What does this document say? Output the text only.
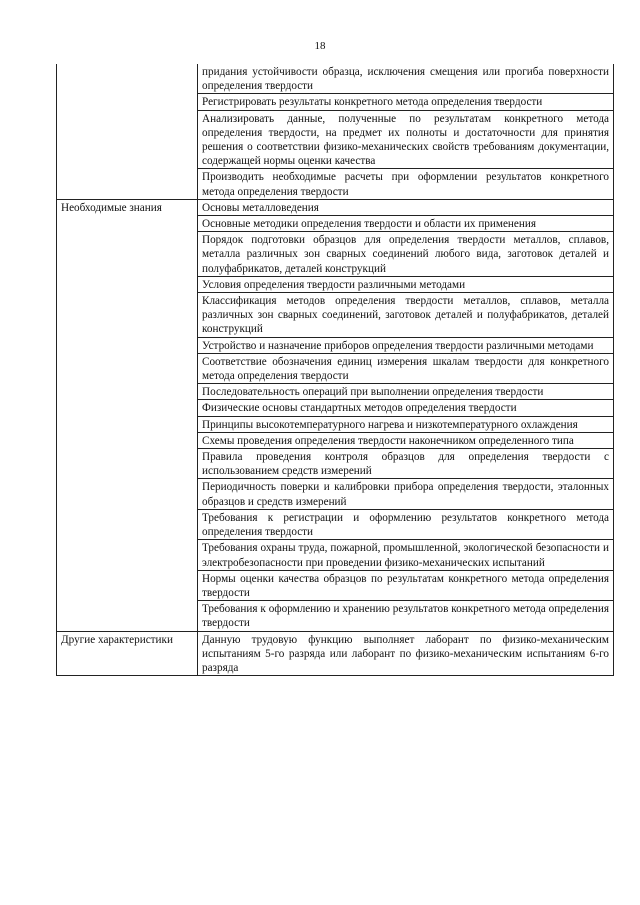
18
	придания устойчивости образца, исключения смещения или прогиба поверхности определения твердости
	Регистрировать результаты конкретного метода определения твердости
	Анализировать данные, полученные по результатам конкретного метода определения твердости, на предмет их полноты и достаточности для принятия решения о соответствии физико-механических свойств требованиям документации, содержащей нормы оценки качества
	Производить необходимые расчеты при оформлении результатов конкретного метода определения твердости
Необходимые знания	Основы металловедения
	Основные методики определения твердости и области их применения
	Порядок подготовки образцов для определения твердости металлов, сплавов, металла различных зон сварных соединений любого вида, заготовок деталей и полуфабрикатов, деталей конструкций
	Условия определения твердости различными методами
	Классификация методов определения твердости металлов, сплавов, металла различных зон сварных соединений, заготовок деталей и полуфабрикатов, деталей конструкций
	Устройство и назначение приборов определения твердости различными методами
	Соответствие обозначения единиц измерения шкалам твердости для конкретного метода определения твердости
	Последовательность операций при выполнении определения твердости
	Физические основы стандартных методов определения твердости
	Принципы высокотемпературного нагрева и низкотемпературного охлаждения
	Схемы проведения определения твердости наконечником определенного типа
	Правила проведения контроля образцов для определения твердости с использованием средств измерений
	Периодичность поверки и калибровки прибора определения твердости, эталонных образцов и средств измерений
	Требования к регистрации и оформлению результатов конкретного метода определения твердости
	Требования охраны труда, пожарной, промышленной, экологической безопасности и электробезопасности при проведении физико-механических испытаний
	Нормы оценки качества образцов по результатам конкретного метода определения твердости
	Требования к оформлению и хранению результатов конкретного метода определения твердости
Другие характеристики	Данную трудовую функцию выполняет лаборант по физико-механическим испытаниям 5-го разряда или лаборант по физико-механическим испытаниям 6-го разряда
